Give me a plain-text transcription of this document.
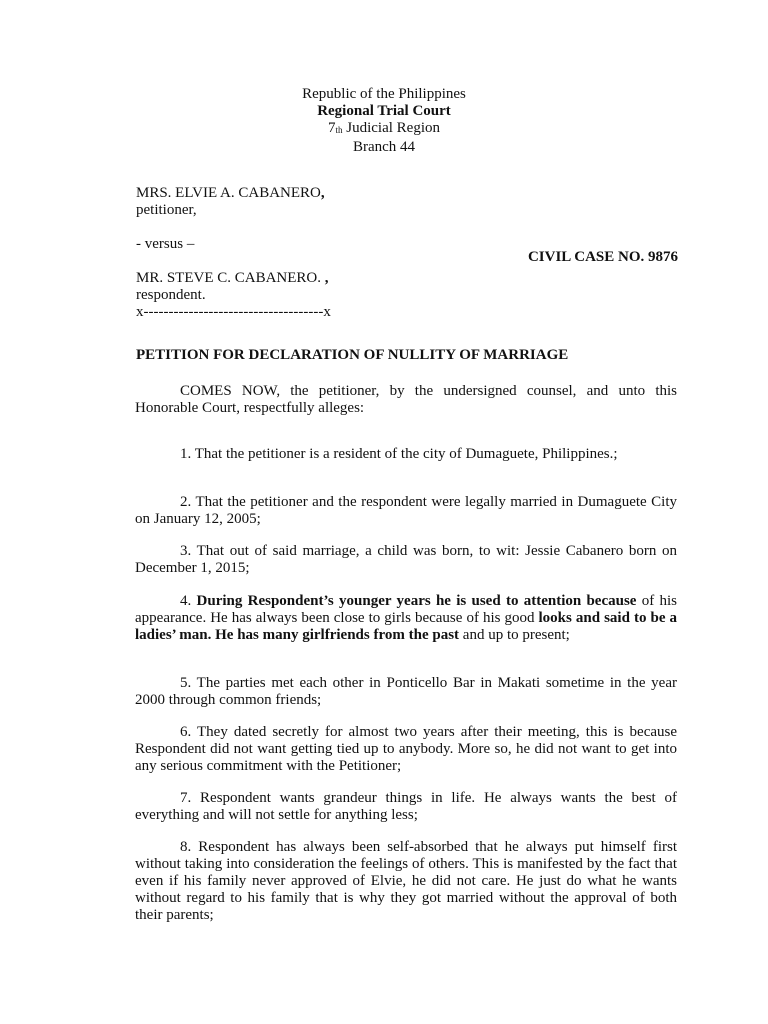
Republic of the Philippines
Regional Trial Court
$7_{th}$ Judicial Region
Branch 44
MRS. ELVIE A. CABANERO,
petitioner,
- versus –
MR. STEVE C. CABANERO. ,
respondent.
x------------------------------------x
CIVIL CASE NO. 9876
PETITION FOR DECLARATION OF NULLITY OF MARRIAGE

COMES NOW, the petitioner, by the undersigned counsel, and unto this Honorable Court, respectfully alleges:

1. That the petitioner is a resident of the city of Dumaguete, Philippines.;

2. That the petitioner and the respondent were legally married in Dumaguete City on January 12, 2005;

3. That out of said marriage, a child was born, to wit: Jessie Cabanero born on December 1, 2015;

4. During Respondent’s younger years he is used to attention because of his appearance. He has always been close to girls because of his good looks and said to be a ladies’ man. He has many girlfriends from the past and up to present;

5. The parties met each other in Ponticello Bar in Makati sometime in the year 2000 through common friends;

6. They dated secretly for almost two years after their meeting, this is because Respondent did not want getting tied up to anybody. More so, he did not want to get into any serious commitment with the Petitioner;

7. Respondent wants grandeur things in life. He always wants the best of everything and will not settle for anything less;

8. Respondent has always been self-absorbed that he always put himself first without taking into consideration the feelings of others. This is manifested by the fact that even if his family never approved of Elvie, he did not care. He just do what he wants without regard to his family that is why they got married without the approval of both their parents;
